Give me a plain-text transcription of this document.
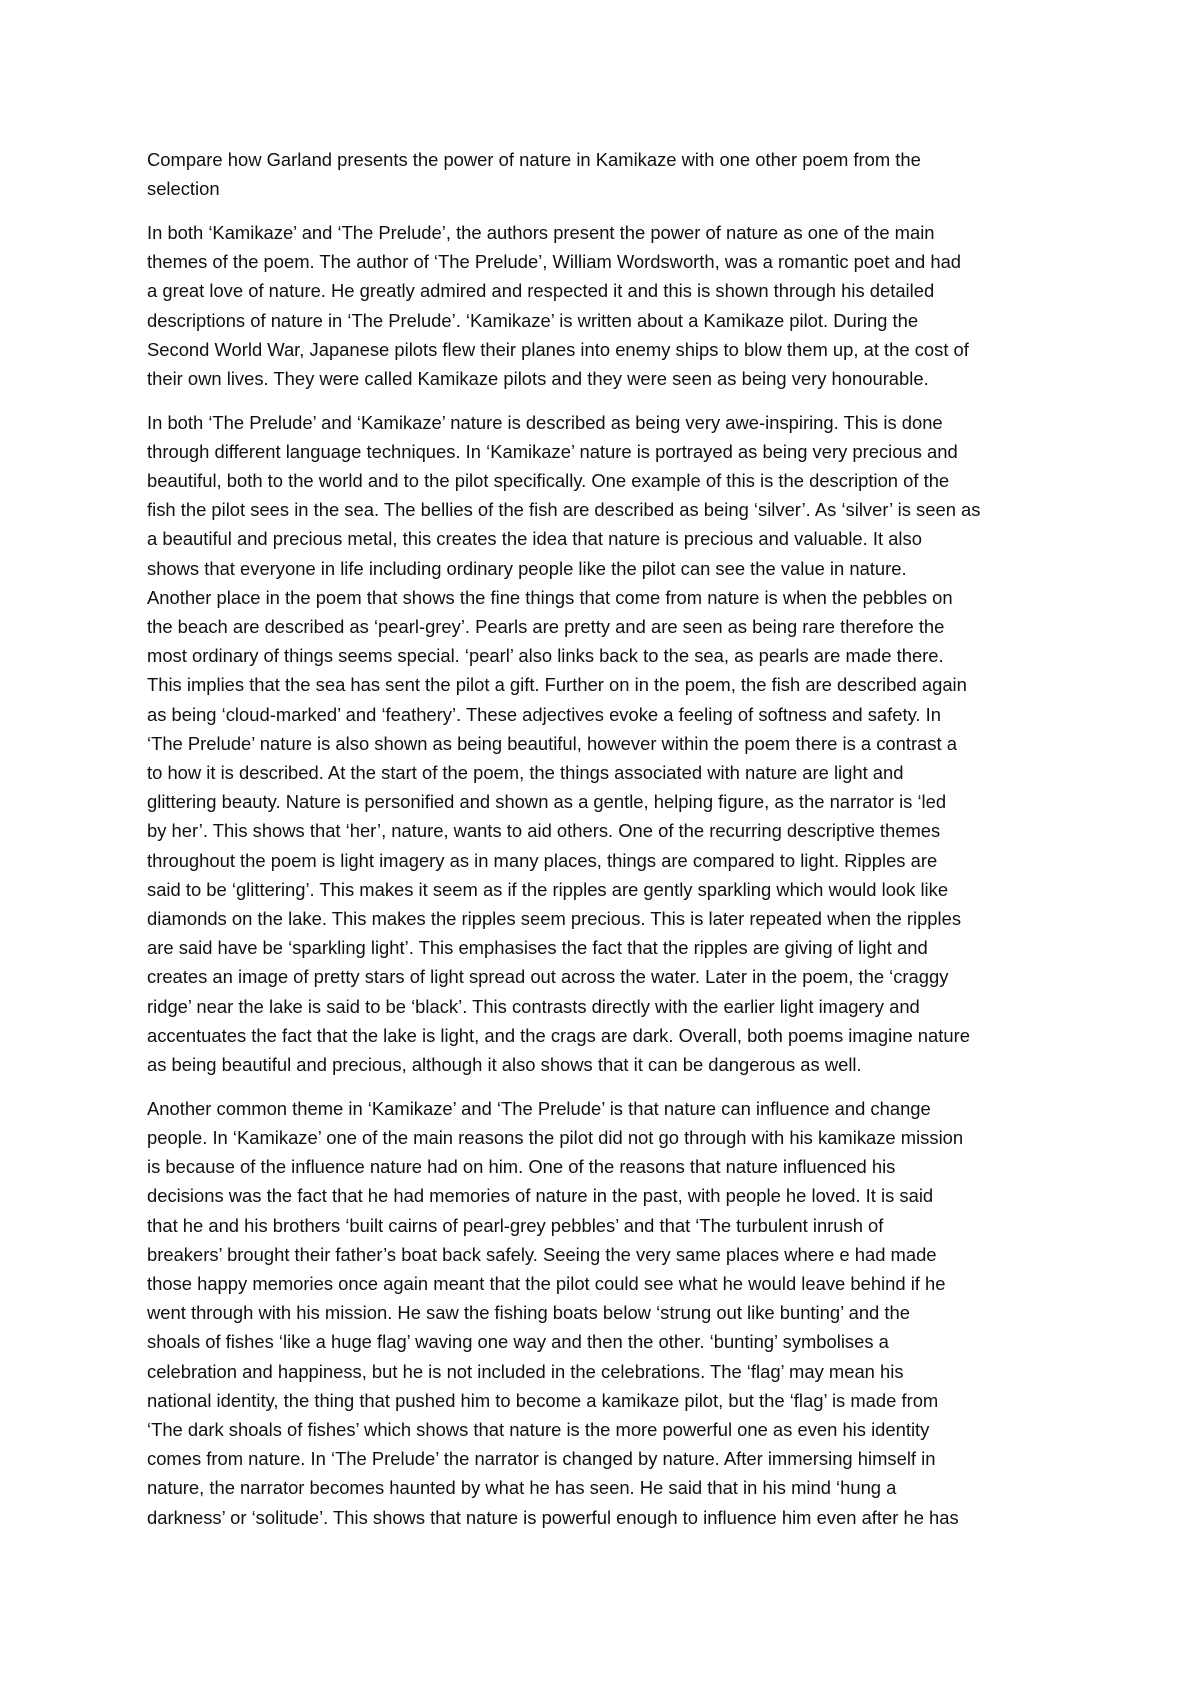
Compare how Garland presents the power of nature in Kamikaze with one other poem from the
selection

In both ‘Kamikaze’ and ‘The Prelude’, the authors present the power of nature as one of the main
themes of the poem. The author of ‘The Prelude’, William Wordsworth, was a romantic poet and had
a great love of nature. He greatly admired and respected it and this is shown through his detailed
descriptions of nature in ‘The Prelude’. ‘Kamikaze’ is written about a Kamikaze pilot. During the
Second World War, Japanese pilots flew their planes into enemy ships to blow them up, at the cost of
their own lives. They were called Kamikaze pilots and they were seen as being very honourable.

In both ‘The Prelude’ and ‘Kamikaze’ nature is described as being very awe-inspiring. This is done
through different language techniques. In ‘Kamikaze’ nature is portrayed as being very precious and
beautiful, both to the world and to the pilot specifically. One example of this is the description of the
fish the pilot sees in the sea. The bellies of the fish are described as being ‘silver’. As ‘silver’ is seen as
a beautiful and precious metal, this creates the idea that nature is precious and valuable. It also
shows that everyone in life including ordinary people like the pilot can see the value in nature.
Another place in the poem that shows the fine things that come from nature is when the pebbles on
the beach are described as ‘pearl-grey’. Pearls are pretty and are seen as being rare therefore the
most ordinary of things seems special. ‘pearl’ also links back to the sea, as pearls are made there.
This implies that the sea has sent the pilot a gift. Further on in the poem, the fish are described again
as being ‘cloud-marked’ and ‘feathery’. These adjectives evoke a feeling of softness and safety. In
‘The Prelude’ nature is also shown as being beautiful, however within the poem there is a contrast a
to how it is described. At the start of the poem, the things associated with nature are light and
glittering beauty. Nature is personified and shown as a gentle, helping figure, as the narrator is ‘led
by her’. This shows that ‘her’, nature, wants to aid others. One of the recurring descriptive themes
throughout the poem is light imagery as in many places, things are compared to light. Ripples are
said to be ‘glittering’. This makes it seem as if the ripples are gently sparkling which would look like
diamonds on the lake. This makes the ripples seem precious. This is later repeated when the ripples
are said have be ‘sparkling light’. This emphasises the fact that the ripples are giving of light and
creates an image of pretty stars of light spread out across the water. Later in the poem, the ‘craggy
ridge’ near the lake is said to be ‘black’. This contrasts directly with the earlier light imagery and
accentuates the fact that the lake is light, and the crags are dark. Overall, both poems imagine nature
as being beautiful and precious, although it also shows that it can be dangerous as well.

Another common theme in ‘Kamikaze’ and ‘The Prelude’ is that nature can influence and change
people. In ‘Kamikaze’ one of the main reasons the pilot did not go through with his kamikaze mission
is because of the influence nature had on him. One of the reasons that nature influenced his
decisions was the fact that he had memories of nature in the past, with people he loved. It is said
that he and his brothers ‘built cairns of pearl-grey pebbles’ and that ‘The turbulent inrush of
breakers’ brought their father’s boat back safely. Seeing the very same places where e had made
those happy memories once again meant that the pilot could see what he would leave behind if he
went through with his mission. He saw the fishing boats below ‘strung out like bunting’ and the
shoals of fishes ‘like a huge flag’ waving one way and then the other. ‘bunting’ symbolises a
celebration and happiness, but he is not included in the celebrations. The ‘flag’ may mean his
national identity, the thing that pushed him to become a kamikaze pilot, but the ‘flag’ is made from
‘The dark shoals of fishes’ which shows that nature is the more powerful one as even his identity
comes from nature. In ‘The Prelude’ the narrator is changed by nature. After immersing himself in
nature, the narrator becomes haunted by what he has seen. He said that in his mind ‘hung a
darkness’ or ‘solitude’. This shows that nature is powerful enough to influence him even after he has
